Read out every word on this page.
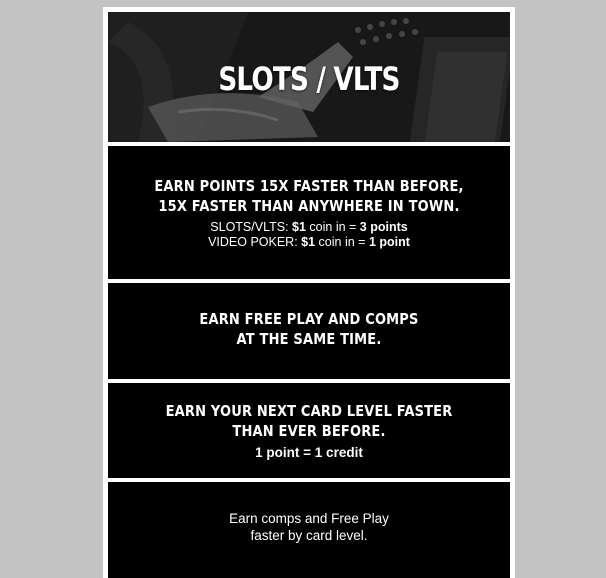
SLOTS / VLTS
EARN POINTS 15X FASTER THAN BEFORE,
15X FASTER THAN ANYWHERE IN TOWN.
SLOTS/VLTS: $1 coin in = 3 points
VIDEO POKER: $1 coin in = 1 point
EARN FREE PLAY AND COMPS
AT THE SAME TIME.
EARN YOUR NEXT CARD LEVEL FASTER
THAN EVER BEFORE.
1 point = 1 credit
Earn comps and Free Play
faster by card level.
